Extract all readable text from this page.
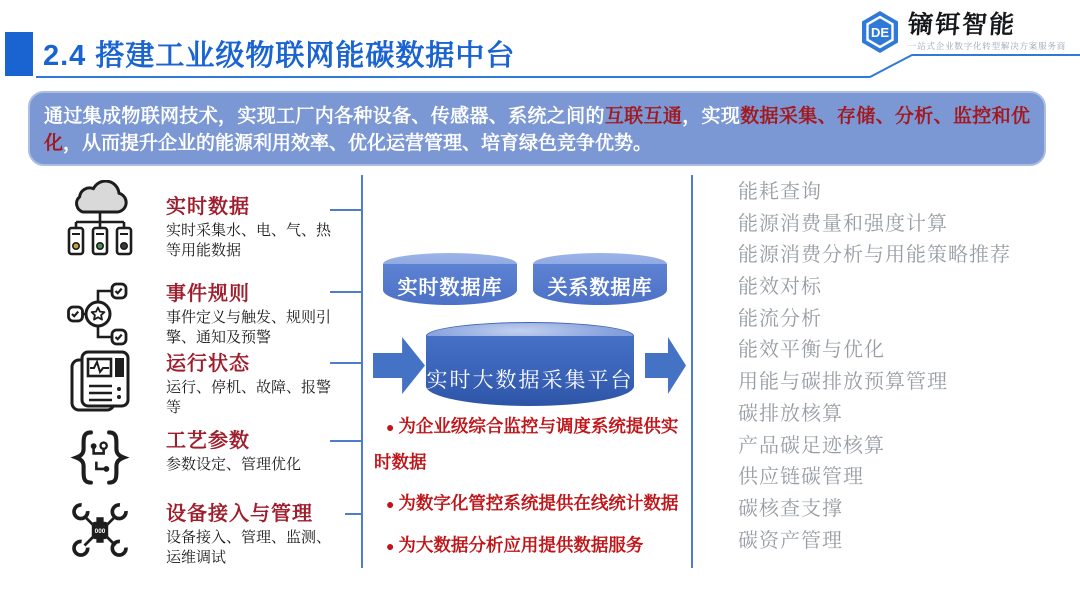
2.4 搭建工业级物联网能碳数据中台
DE 镝铒智能
一站式企业数字化转型解决方案服务商
通过集成物联网技术，实现工厂内各种设备、传感器、系统之间的互联互通，实现数据采集、存储、分析、监控和优化，从而提升企业的能源利用效率、优化运营管理、培育绿色竞争优势。
实时数据
实时采集水、电、气、热等用能数据
事件规则
事件定义与触发、规则引擎、通知及预警
运行状态
运行、停机、故障、报警等
工艺参数
参数设定、管理优化
000
设备接入与管理
设备接入、管理、监测、运维调试
实时数据库	关系数据库
实时大数据采集平台

● 为企业级综合监控与调度系统提供实时数据

● 为数字化管控系统提供在线统计数据

● 为大数据分析应用提供数据服务

能耗查询
能源消费量和强度计算
能源消费分析与用能策略推荐
能效对标
能流分析
能效平衡与优化
用能与碳排放预算管理
碳排放核算
产品碳足迹核算
供应链碳管理
碳核查支撑
碳资产管理
